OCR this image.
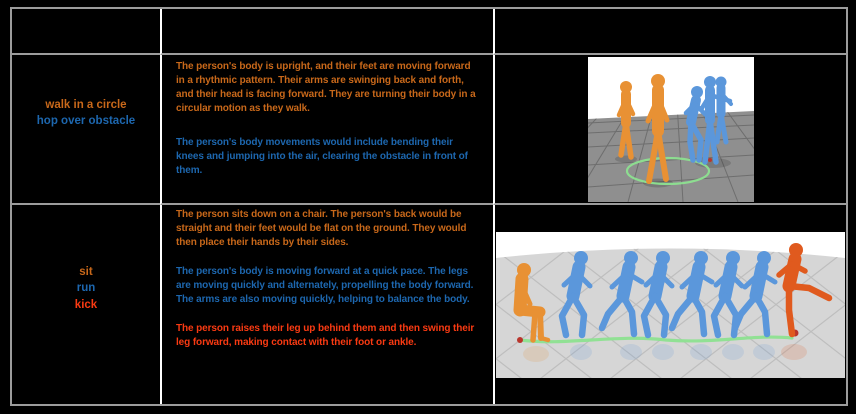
walk in a circle
hop over obstacle

The person's body is upright, and their feet are moving forward in a rhythmic pattern. Their arms are swinging back and forth, and their head is facing forward. They are turning their body in a circular motion as they walk.

The person's body movements would include bending their knees and jumping into the air, clearing the obstacle in front of them.

sit
run
kick

The person sits down on a chair. The person's back would be straight and their feet would be flat on the ground. They would then place their hands by their sides.

The person's body is moving forward at a quick pace. The legs are moving quickly and alternately, propelling the body forward. The arms are also moving quickly, helping to balance the body.

The person raises their leg up behind them and then swing their leg forward, making contact with their foot or ankle.
